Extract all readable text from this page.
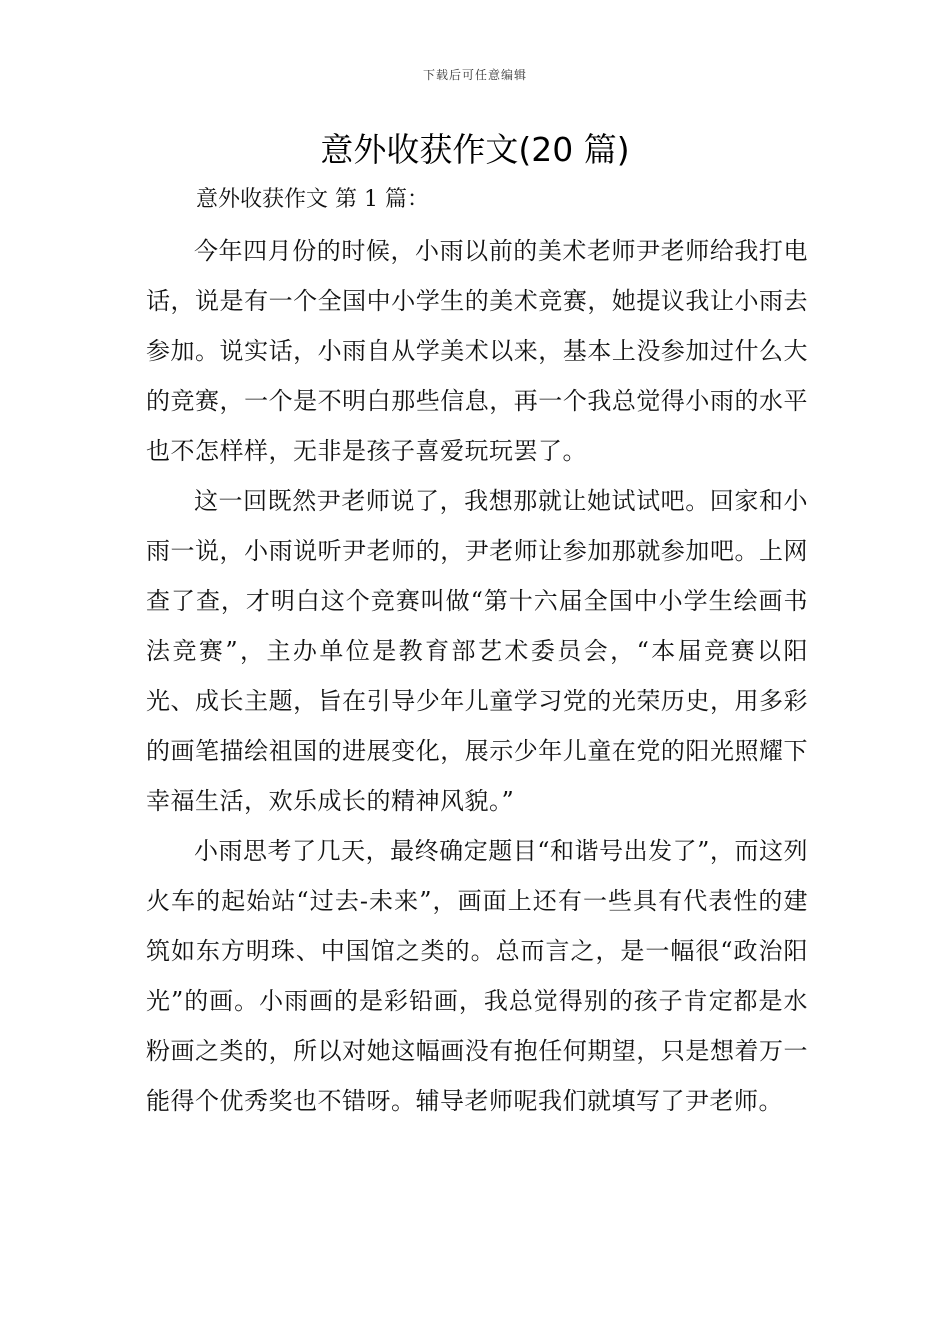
下载后可任意编辑
意外收获作文(20 篇)
意外收获作文 第 1 篇：

今年四月份的时候，小雨以前的美术老师尹老师给我打电话，说是有一个全国中小学生的美术竞赛，她提议我让小雨去参加。说实话，小雨自从学美术以来，基本上没参加过什么大的竞赛，一个是不明白那些信息，再一个我总觉得小雨的水平也不怎样样，无非是孩子喜爱玩玩罢了。

这一回既然尹老师说了，我想那就让她试试吧。回家和小雨一说，小雨说听尹老师的，尹老师让参加那就参加吧。上网查了查，才明白这个竞赛叫做“第十六届全国中小学生绘画书法竞赛”，主办单位是教育部艺术委员会，“本届竞赛以阳光、成长主题，旨在引导少年儿童学习党的光荣历史，用多彩的画笔描绘祖国的进展变化，展示少年儿童在党的阳光照耀下幸福生活，欢乐成长的精神风貌。”

小雨思考了几天，最终确定题目“和谐号出发了”，而这列火车的起始站“过去-未来”，画面上还有一些具有代表性的建筑如东方明珠、中国馆之类的。总而言之，是一幅很“政治阳光”的画。小雨画的是彩铅画，我总觉得别的孩子肯定都是水粉画之类的，所以对她这幅画没有抱任何期望，只是想着万一能得个优秀奖也不错呀。辅导老师呢我们就填写了尹老师。
